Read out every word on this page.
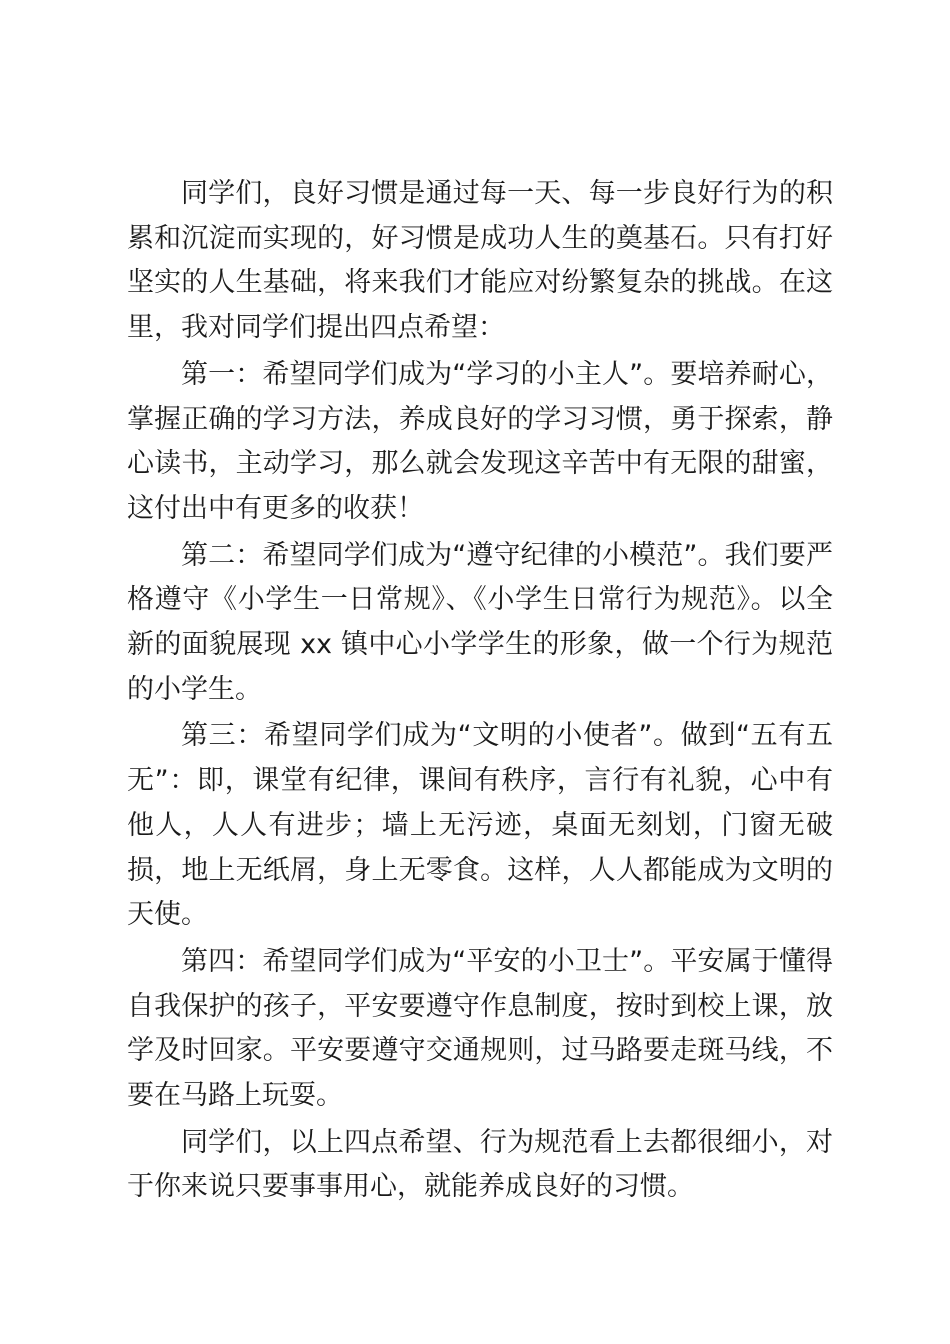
同学们，良好习惯是通过每一天、每一步良好行为的积累和沉淀而实现的，好习惯是成功人生的奠基石。只有打好坚实的人生基础，将来我们才能应对纷繁复杂的挑战。在这里，我对同学们提出四点希望：

第一：希望同学们成为“学习的小主人”。要培养耐心，掌握正确的学习方法，养成良好的学习习惯，勇于探索，静心读书，主动学习，那么就会发现这辛苦中有无限的甜蜜，这付出中有更多的收获！

第二：希望同学们成为“遵守纪律的小模范”。我们要严格遵守《小学生一日常规》、《小学生日常行为规范》。以全新的面貌展现 xx 镇中心小学学生的形象，做一个行为规范的小学生。

第三：希望同学们成为“文明的小使者”。做到“五有五无”：即，课堂有纪律，课间有秩序，言行有礼貌，心中有他人，人人有进步；墙上无污迹，桌面无刻划，门窗无破损，地上无纸屑，身上无零食。这样，人人都能成为文明的天使。

第四：希望同学们成为“平安的小卫士”。平安属于懂得自我保护的孩子，平安要遵守作息制度，按时到校上课，放学及时回家。平安要遵守交通规则，过马路要走斑马线，不要在马路上玩耍。

同学们，以上四点希望、行为规范看上去都很细小，对于你来说只要事事用心，就能养成良好的习惯。
